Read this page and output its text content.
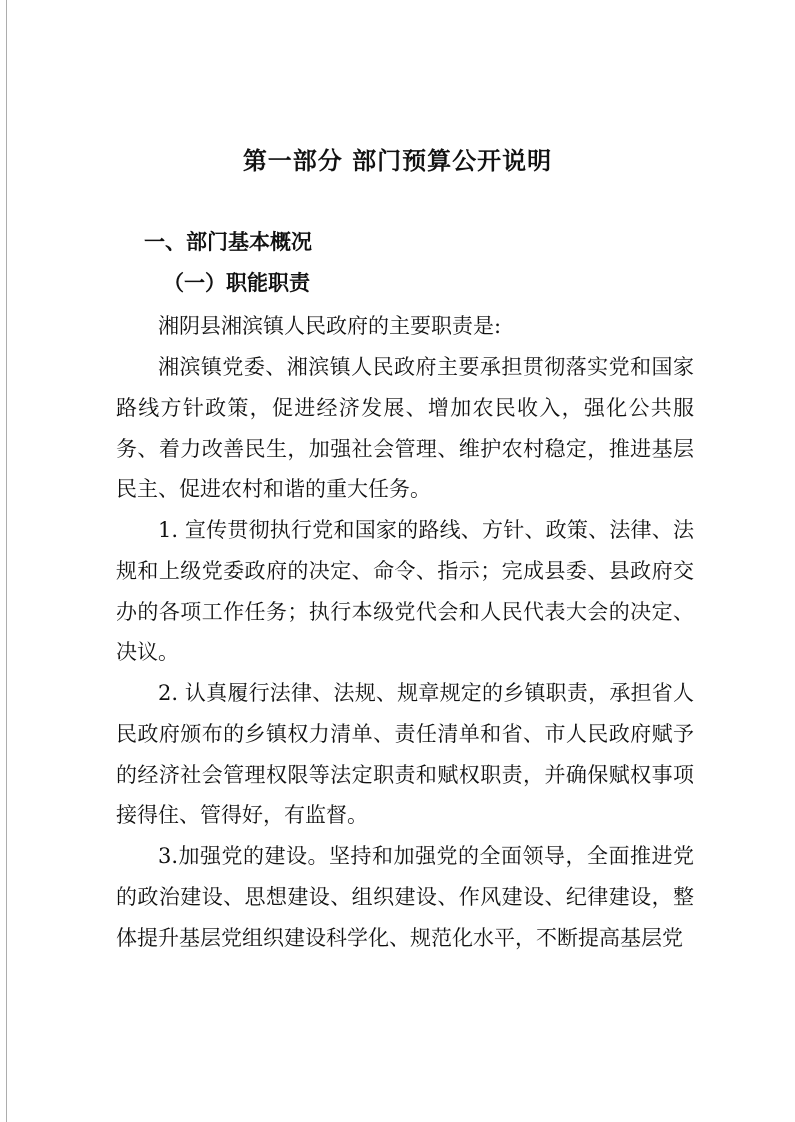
第一部分 部门预算公开说明
一、部门基本概况
（一）职能职责

湘阴县湘滨镇人民政府的主要职责是:

湘滨镇党委、湘滨镇人民政府主要承担贯彻落实党和国家路线方针政策，促进经济发展、增加农民收入，强化公共服务、着力改善民生，加强社会管理、维护农村稳定，推进基层民主、促进农村和谐的重大任务。

1. 宣传贯彻执行党和国家的路线、方针、政策、法律、法规和上级党委政府的决定、命令、指示；完成县委、县政府交办的各项工作任务；执行本级党代会和人民代表大会的决定、决议。

2. 认真履行法律、法规、规章规定的乡镇职责，承担省人民政府颁布的乡镇权力清单、责任清单和省、市人民政府赋予的经济社会管理权限等法定职责和赋权职责，并确保赋权事项接得住、管得好，有监督。

3.加强党的建设。坚持和加强党的全面领导，全面推进党的政治建设、思想建设、组织建设、作风建设、纪律建设，整体提升基层党组织建设科学化、规范化水平，不断提高基层党
